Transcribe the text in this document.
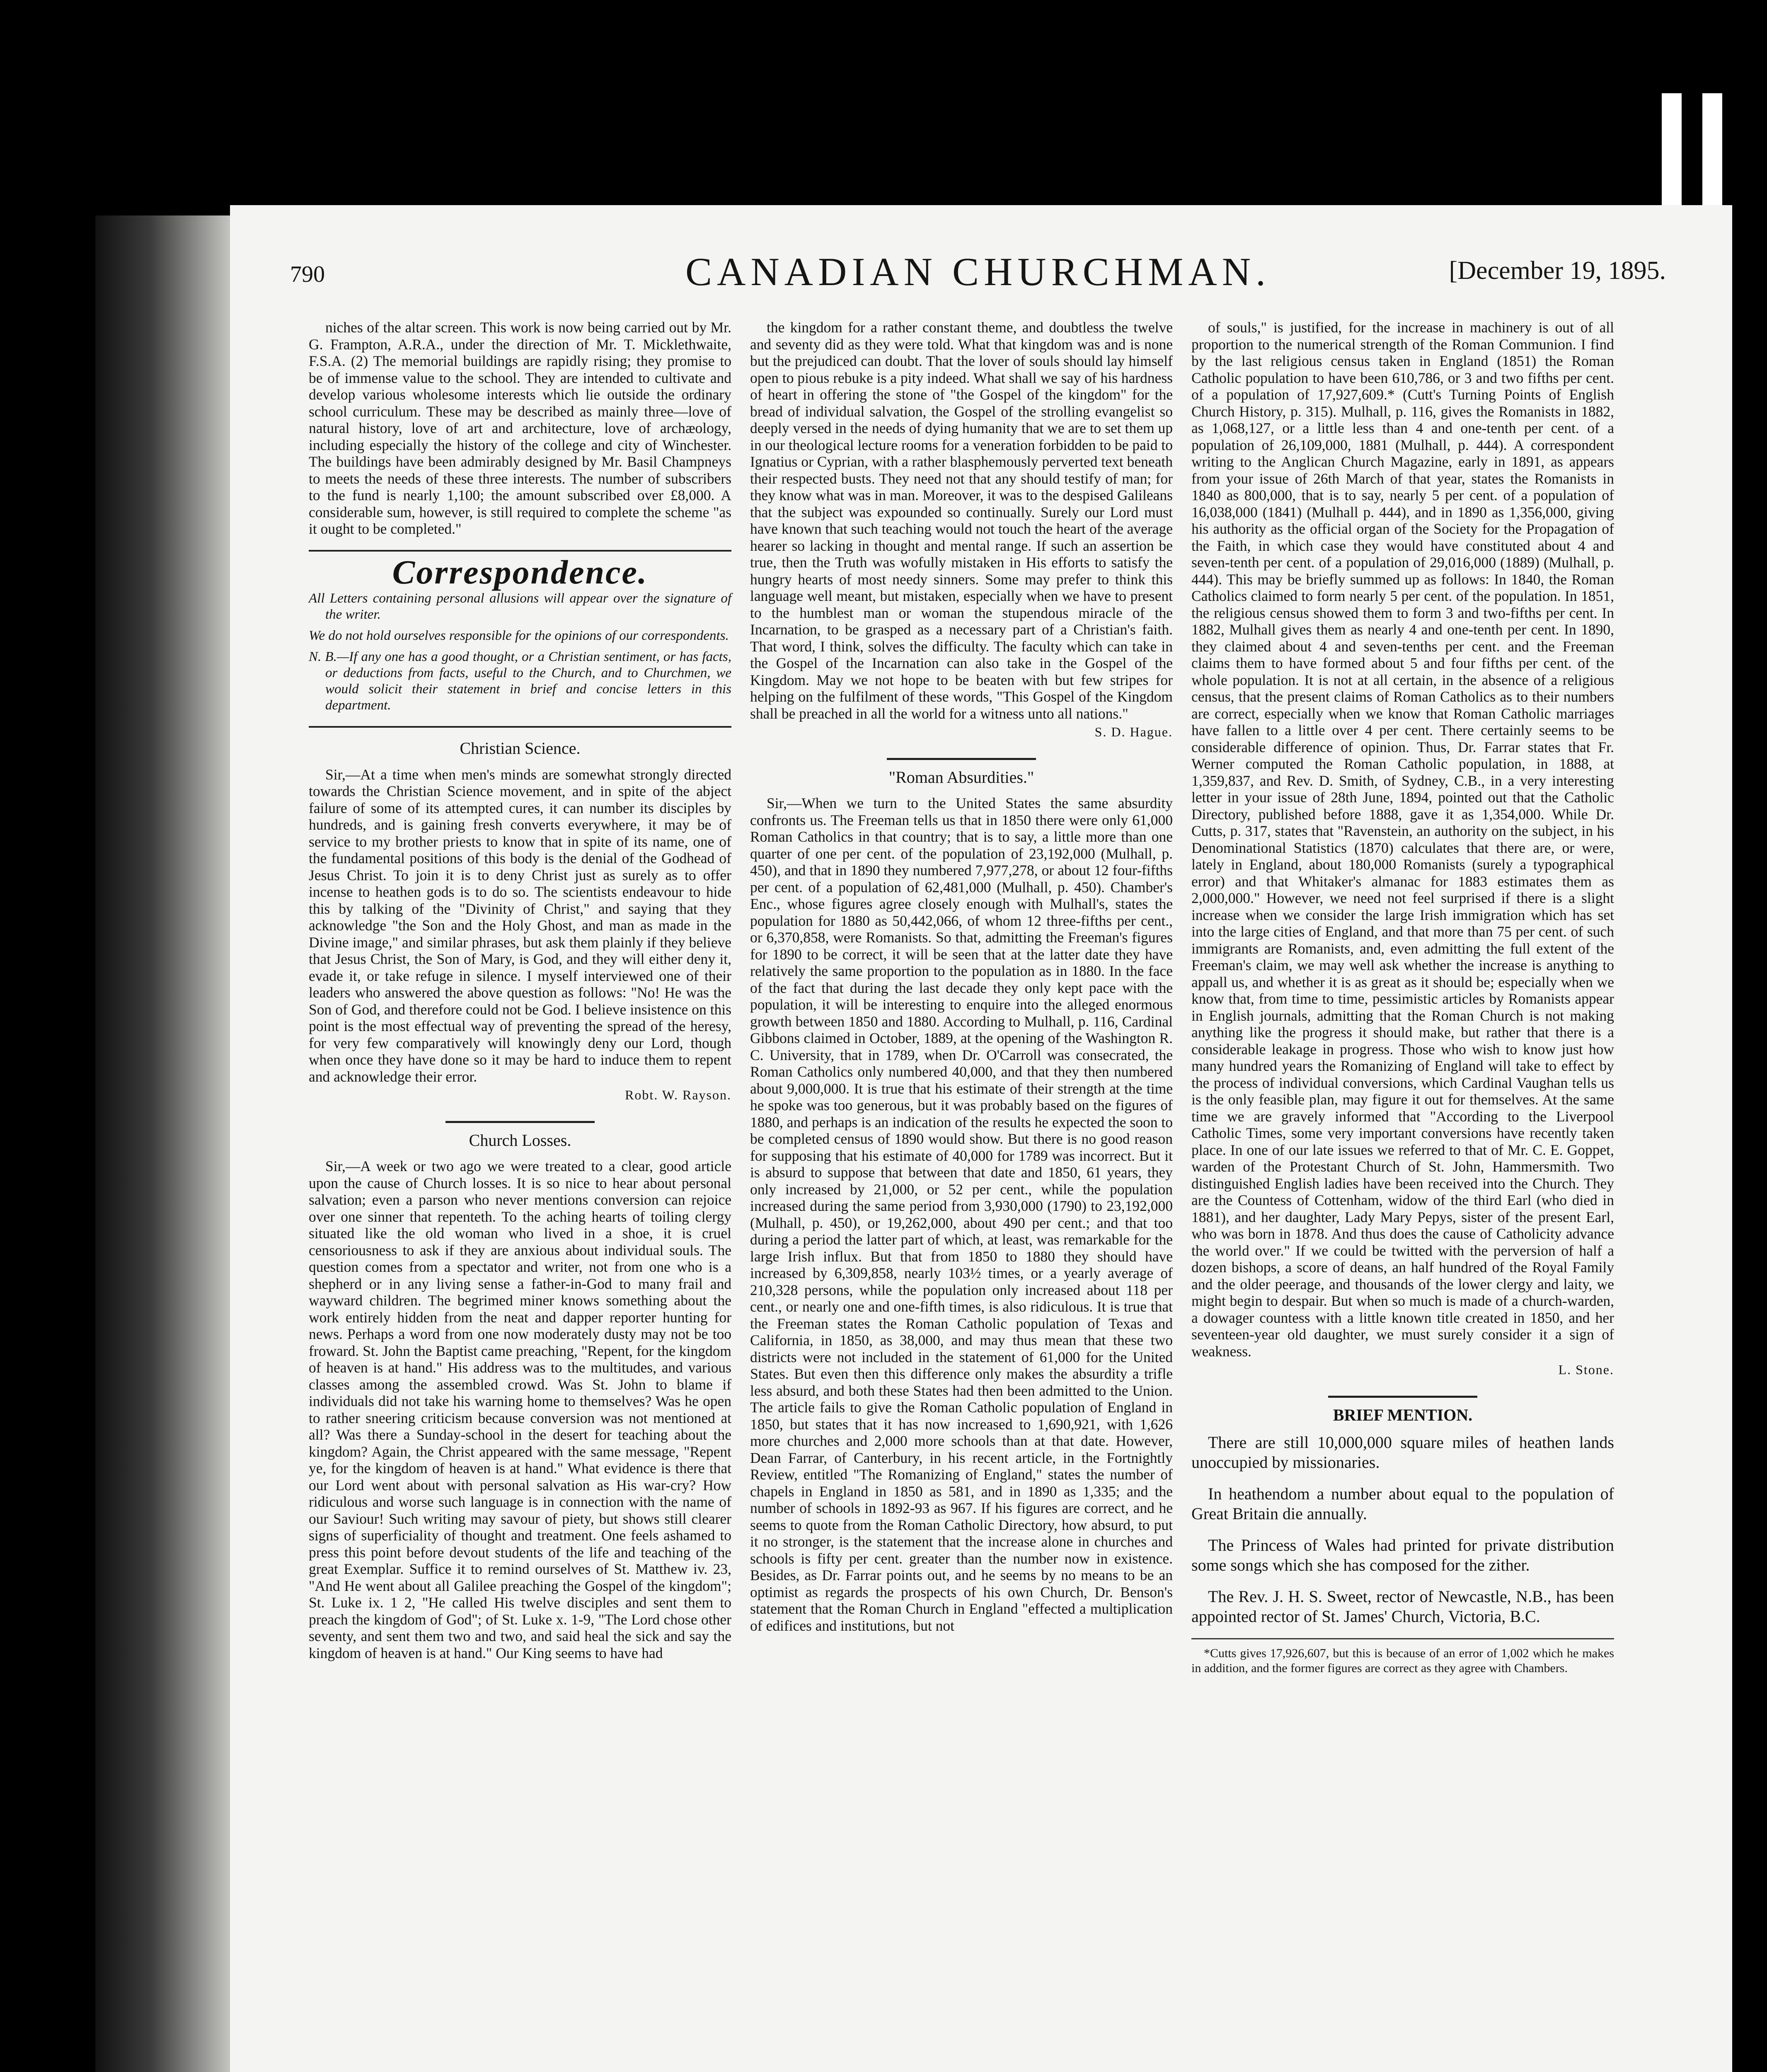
790	CANADIAN CHURCHMAN.	[December 19, 1895.

niches of the altar screen. This work is now being carried out by Mr. G. Frampton, A.R.A., under the direction of Mr. T. Micklethwaite, F.S.A. (2) The memorial buildings are rapidly rising; they promise to be of immense value to the school. They are intended to cultivate and develop various wholesome interests which lie outside the ordinary school curriculum. These may be described as mainly three—love of natural history, love of art and architecture, love of archæology, including especially the history of the college and city of Winchester. The buildings have been admirably designed by Mr. Basil Champneys to meets the needs of these three interests. The number of subscribers to the fund is nearly 1,100; the amount subscribed over £8,000. A considerable sum, however, is still required to complete the scheme "as it ought to be completed."

Correspondence.

All Letters containing personal allusions will appear over the signature of the writer.

We do not hold ourselves responsible for the opinions of our correspondents.

N. B.—If any one has a good thought, or a Christian sentiment, or has facts, or deductions from facts, useful to the Church, and to Churchmen, we would solicit their statement in brief and concise letters in this department.

Christian Science.

Sir,—At a time when men's minds are somewhat strongly directed towards the Christian Science movement, and in spite of the abject failure of some of its attempted cures, it can number its disciples by hundreds, and is gaining fresh converts everywhere, it may be of service to my brother priests to know that in spite of its name, one of the fundamental positions of this body is the denial of the Godhead of Jesus Christ. To join it is to deny Christ just as surely as to offer incense to heathen gods is to do so. The scientists endeavour to hide this by talking of the "Divinity of Christ," and saying that they acknowledge "the Son and the Holy Ghost, and man as made in the Divine image," and similar phrases, but ask them plainly if they believe that Jesus Christ, the Son of Mary, is God, and they will either deny it, evade it, or take refuge in silence. I myself interviewed one of their leaders who answered the above question as follows: "No! He was the Son of God, and therefore could not be God. I believe insistence on this point is the most effectual way of preventing the spread of the heresy, for very few comparatively will knowingly deny our Lord, though when once they have done so it may be hard to induce them to repent and acknowledge their error.

Robt. W. Rayson.
Church Losses.

Sir,—A week or two ago we were treated to a clear, good article upon the cause of Church losses. It is so nice to hear about personal salvation; even a parson who never mentions conversion can rejoice over one sinner that repenteth. To the aching hearts of toiling clergy situated like the old woman who lived in a shoe, it is cruel censoriousness to ask if they are anxious about individual souls. The question comes from a spectator and writer, not from one who is a shepherd or in any living sense a father-in-God to many frail and wayward children. The begrimed miner knows something about the work entirely hidden from the neat and dapper reporter hunting for news. Perhaps a word from one now moderately dusty may not be too froward. St. John the Baptist came preaching, "Repent, for the kingdom of heaven is at hand." His address was to the multitudes, and various classes among the assembled crowd. Was St. John to blame if individuals did not take his warning home to themselves? Was he open to rather sneering criticism because conversion was not mentioned at all? Was there a Sunday-school in the desert for teaching about the kingdom? Again, the Christ appeared with the same message, "Repent ye, for the kingdom of heaven is at hand." What evidence is there that our Lord went about with personal salvation as His war-cry? How ridiculous and worse such language is in connection with the name of our Saviour! Such writing may savour of piety, but shows still clearer signs of superficiality of thought and treatment. One feels ashamed to press this point before devout students of the life and teaching of the great Exemplar. Suffice it to remind ourselves of St. Matthew iv. 23, "And He went about all Galilee preaching the Gospel of the kingdom"; St. Luke ix. 1 2, "He called His twelve disciples and sent them to preach the kingdom of God"; of St. Luke x. 1-9, "The Lord chose other seventy, and sent them two and two, and said heal the sick and say the kingdom of heaven is at hand." Our King seems to have had

the kingdom for a rather constant theme, and doubtless the twelve and seventy did as they were told. What that kingdom was and is none but the prejudiced can doubt. That the lover of souls should lay himself open to pious rebuke is a pity indeed. What shall we say of his hardness of heart in offering the stone of "the Gospel of the kingdom" for the bread of individual salvation, the Gospel of the strolling evangelist so deeply versed in the needs of dying humanity that we are to set them up in our theological lecture rooms for a veneration forbidden to be paid to Ignatius or Cyprian, with a rather blasphemously perverted text beneath their respected busts. They need not that any should testify of man; for they know what was in man. Moreover, it was to the despised Galileans that the subject was expounded so continually. Surely our Lord must have known that such teaching would not touch the heart of the average hearer so lacking in thought and mental range. If such an assertion be true, then the Truth was wofully mistaken in His efforts to satisfy the hungry hearts of most needy sinners. Some may prefer to think this language well meant, but mistaken, especially when we have to present to the humblest man or woman the stupendous miracle of the Incarnation, to be grasped as a necessary part of a Christian's faith. That word, I think, solves the difficulty. The faculty which can take in the Gospel of the Incarnation can also take in the Gospel of the Kingdom. May we not hope to be beaten with but few stripes for helping on the fulfilment of these words, "This Gospel of the Kingdom shall be preached in all the world for a witness unto all nations."

S. D. Hague.
"Roman Absurdities."

Sir,—When we turn to the United States the same absurdity confronts us. The Freeman tells us that in 1850 there were only 61,000 Roman Catholics in that country; that is to say, a little more than one quarter of one per cent. of the population of 23,192,000 (Mulhall, p. 450), and that in 1890 they numbered 7,977,278, or about 12 four-fifths per cent. of a population of 62,481,000 (Mulhall, p. 450). Chamber's Enc., whose figures agree closely enough with Mulhall's, states the population for 1880 as 50,442,066, of whom 12 three-fifths per cent., or 6,370,858, were Romanists. So that, admitting the Freeman's figures for 1890 to be correct, it will be seen that at the latter date they have relatively the same proportion to the population as in 1880. In the face of the fact that during the last decade they only kept pace with the population, it will be interesting to enquire into the alleged enormous growth between 1850 and 1880. According to Mulhall, p. 116, Cardinal Gibbons claimed in October, 1889, at the opening of the Washington R. C. University, that in 1789, when Dr. O'Carroll was consecrated, the Roman Catholics only numbered 40,000, and that they then numbered about 9,000,000. It is true that his estimate of their strength at the time he spoke was too generous, but it was probably based on the figures of 1880, and perhaps is an indication of the results he expected the soon to be completed census of 1890 would show. But there is no good reason for supposing that his estimate of 40,000 for 1789 was incorrect. But it is absurd to suppose that between that date and 1850, 61 years, they only increased by 21,000, or 52 per cent., while the population increased during the same period from 3,930,000 (1790) to 23,192,000 (Mulhall, p. 450), or 19,262,000, about 490 per cent.; and that too during a period the latter part of which, at least, was remarkable for the large Irish influx. But that from 1850 to 1880 they should have increased by 6,309,858, nearly 103½ times, or a yearly average of 210,328 persons, while the population only increased about 118 per cent., or nearly one and one-fifth times, is also ridiculous. It is true that the Freeman states the Roman Catholic population of Texas and California, in 1850, as 38,000, and may thus mean that these two districts were not included in the statement of 61,000 for the United States. But even then this difference only makes the absurdity a trifle less absurd, and both these States had then been admitted to the Union. The article fails to give the Roman Catholic population of England in 1850, but states that it has now increased to 1,690,921, with 1,626 more churches and 2,000 more schools than at that date. However, Dean Farrar, of Canterbury, in his recent article, in the Fortnightly Review, entitled "The Romanizing of England," states the number of chapels in England in 1850 as 581, and in 1890 as 1,335; and the number of schools in 1892-93 as 967. If his figures are correct, and he seems to quote from the Roman Catholic Directory, how absurd, to put it no stronger, is the statement that the increase alone in churches and schools is fifty per cent. greater than the number now in existence. Besides, as Dr. Farrar points out, and he seems by no means to be an optimist as regards the prospects of his own Church, Dr. Benson's statement that the Roman Church in England "effected a multiplication of edifices and institutions, but not

of souls," is justified, for the increase in machinery is out of all proportion to the numerical strength of the Roman Communion. I find by the last religious census taken in England (1851) the Roman Catholic population to have been 610,786, or 3 and two fifths per cent. of a population of 17,927,609.* (Cutt's Turning Points of English Church History, p. 315). Mulhall, p. 116, gives the Romanists in 1882, as 1,068,127, or a little less than 4 and one-tenth per cent. of a population of 26,109,000, 1881 (Mulhall, p. 444). A correspondent writing to the Anglican Church Magazine, early in 1891, as appears from your issue of 26th March of that year, states the Romanists in 1840 as 800,000, that is to say, nearly 5 per cent. of a population of 16,038,000 (1841) (Mulhall p. 444), and in 1890 as 1,356,000, giving his authority as the official organ of the Society for the Propagation of the Faith, in which case they would have constituted about 4 and seven-tenth per cent. of a population of 29,016,000 (1889) (Mulhall, p. 444). This may be briefly summed up as follows: In 1840, the Roman Catholics claimed to form nearly 5 per cent. of the population. In 1851, the religious census showed them to form 3 and two-fifths per cent. In 1882, Mulhall gives them as nearly 4 and one-tenth per cent. In 1890, they claimed about 4 and seven-tenths per cent. and the Freeman claims them to have formed about 5 and four fifths per cent. of the whole population. It is not at all certain, in the absence of a religious census, that the present claims of Roman Catholics as to their numbers are correct, especially when we know that Roman Catholic marriages have fallen to a little over 4 per cent. There certainly seems to be considerable difference of opinion. Thus, Dr. Farrar states that Fr. Werner computed the Roman Catholic population, in 1888, at 1,359,837, and Rev. D. Smith, of Sydney, C.B., in a very interesting letter in your issue of 28th June, 1894, pointed out that the Catholic Directory, published before 1888, gave it as 1,354,000. While Dr. Cutts, p. 317, states that "Ravenstein, an authority on the subject, in his Denominational Statistics (1870) calculates that there are, or were, lately in England, about 180,000 Romanists (surely a typographical error) and that Whitaker's almanac for 1883 estimates them as 2,000,000." However, we need not feel surprised if there is a slight increase when we consider the large Irish immigration which has set into the large cities of England, and that more than 75 per cent. of such immigrants are Romanists, and, even admitting the full extent of the Freeman's claim, we may well ask whether the increase is anything to appall us, and whether it is as great as it should be; especially when we know that, from time to time, pessimistic articles by Romanists appear in English journals, admitting that the Roman Church is not making anything like the progress it should make, but rather that there is a considerable leakage in progress. Those who wish to know just how many hundred years the Romanizing of England will take to effect by the process of individual conversions, which Cardinal Vaughan tells us is the only feasible plan, may figure it out for themselves. At the same time we are gravely informed that "According to the Liverpool Catholic Times, some very important conversions have recently taken place. In one of our late issues we referred to that of Mr. C. E. Goppet, warden of the Protestant Church of St. John, Hammersmith. Two distinguished English ladies have been received into the Church. They are the Countess of Cottenham, widow of the third Earl (who died in 1881), and her daughter, Lady Mary Pepys, sister of the present Earl, who was born in 1878. And thus does the cause of Catholicity advance the world over." If we could be twitted with the perversion of half a dozen bishops, a score of deans, an half hundred of the Royal Family and the older peerage, and thousands of the lower clergy and laity, we might begin to despair. But when so much is made of a church-warden, a dowager countess with a little known title created in 1850, and her seventeen-year old daughter, we must surely consider it a sign of weakness.

L. Stone.
BRIEF MENTION.

There are still 10,000,000 square miles of heathen lands unoccupied by missionaries.

In heathendom a number about equal to the population of Great Britain die annually.

The Princess of Wales had printed for private distribution some songs which she has composed for the zither.

The Rev. J. H. S. Sweet, rector of Newcastle, N.B., has been appointed rector of St. James' Church, Victoria, B.C.

*Cutts gives 17,926,607, but this is because of an error of 1,002 which he makes in addition, and the former figures are correct as they agree with Chambers.
